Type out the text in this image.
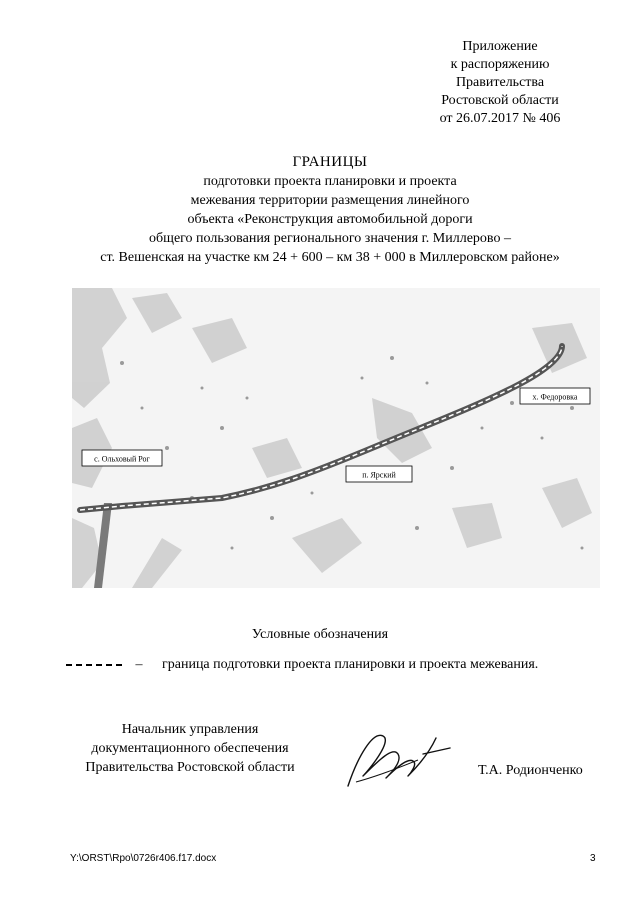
Приложение
к распоряжению
Правительства
Ростовской области
от 26.07.2017 № 406
ГРАНИЦЫ
подготовки проекта планировки и проекта
межевания территории размещения линейного
объекта «Реконструкция автомобильной дороги
общего пользования регионального значения г. Миллерово –
ст. Вешенская на участке км 24 + 600 – км 38 + 000 в Миллеровском районе»
с. Ольховый Рог
п. Ярский
х. Федоровка
Условные обозначения
– граница подготовки проекта планировки и проекта межевания.
Начальник управления
документационного обеспечения
Правительства Ростовской области	Т.А. Родионченко
Y:\ORST\Rpo\0726r406.f17.docx	3
